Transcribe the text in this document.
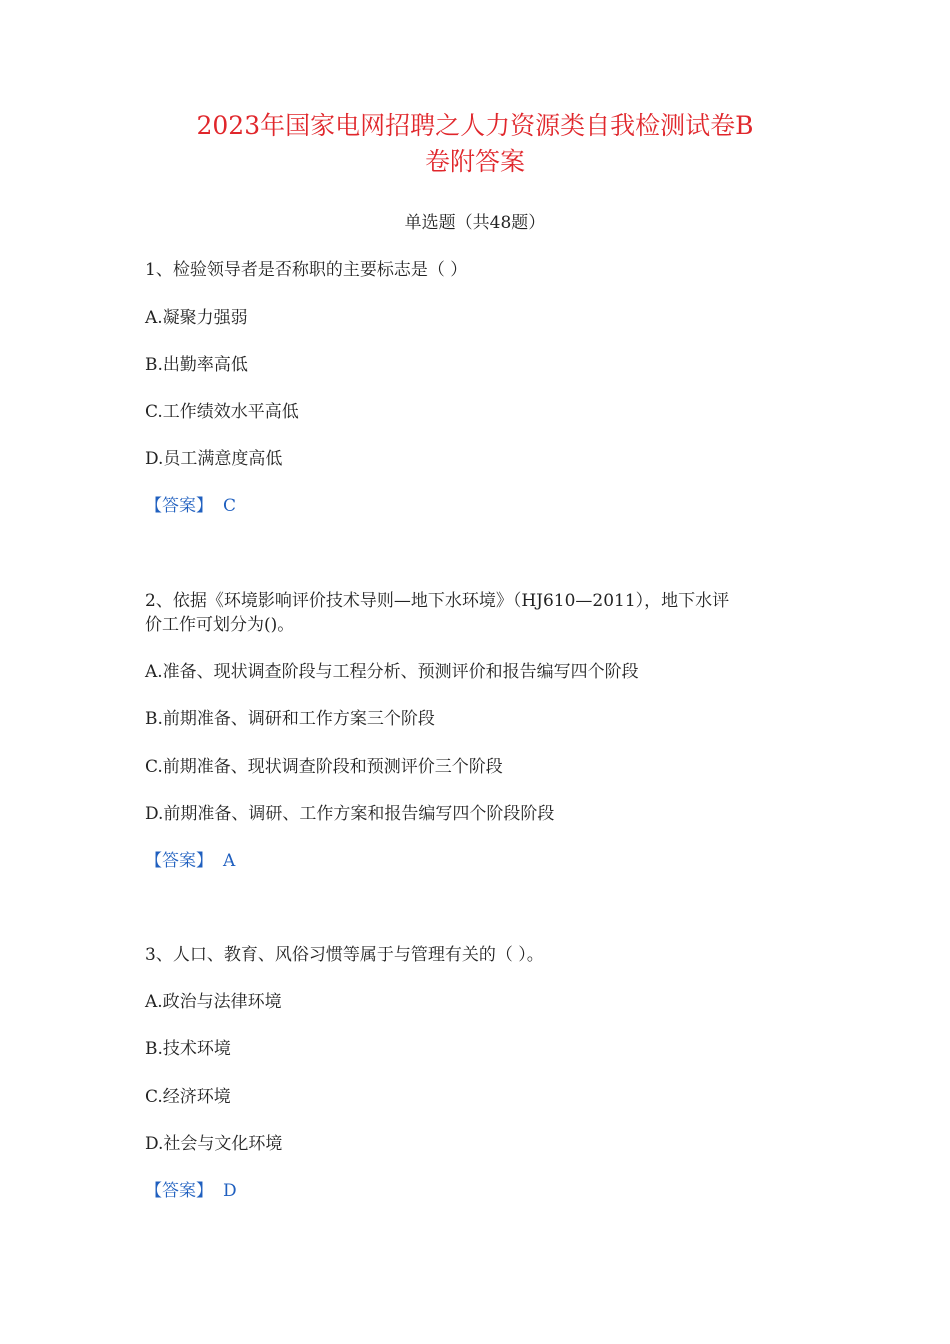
2023年国家电网招聘之人力资源类自我检测试卷B
卷附答案
单选题（共48题）
1、检验领导者是否称职的主要标志是（ ）
A.凝聚力强弱
B.出勤率高低
C.工作绩效水平高低
D.员工满意度高低
【答案】 C
2、依据《环境影响评价技术导则—地下水环境》（HJ610—2011），地下水评
价工作可划分为()。
A.准备、现状调查阶段与工程分析、预测评价和报告编写四个阶段
B.前期准备、调研和工作方案三个阶段
C.前期准备、现状调查阶段和预测评价三个阶段
D.前期准备、调研、工作方案和报告编写四个阶段阶段
【答案】 A
3、人口、教育、风俗习惯等属于与管理有关的（ ）。
A.政治与法律环境
B.技术环境
C.经济环境
D.社会与文化环境
【答案】 D
